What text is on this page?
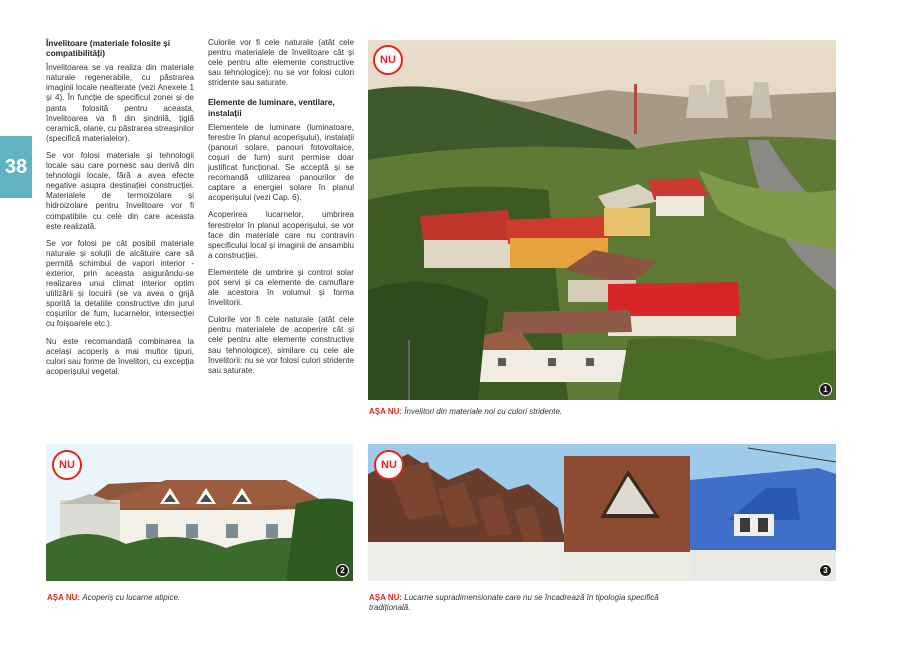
38
Învelitoare (materiale folosite și compatibilități)

Învelitoarea se va realiza din materiale naturale regenerabile, cu păstrarea imaginii locale nealterate (vezi Anexele 1 și 4). În funcție de specificul zonei și de panta folosită pentru aceasta, învelitoarea va fi din șindrilă, țiglă ceramică, olane, cu păstrarea streașinilor (specifică materialelor).

Se vor folosi materiale și tehnologii locale sau care pornesc sau derivă din tehnologii locale, fără a avea efecte negative asupra destinației construcției. Materialele de termoizolare și hidroizolare pentru învelitoare vor fi compatibile cu cele din care aceasta este realizată.

Se vor folosi pe cât posibil materiale naturale și soluții de alcătuire care să permită schimbul de vapori interior - exterior, prin aceasta asigurându-se realizarea unui climat interior optim utilizării și locuirii (se va avea o grijă sporită la detaliile constructive din jurul coșurilor de fum, lucarnelor, intersecției cu foișoarele etc.).

Nu este recomandată combinarea la același acoperiș a mai multor tipuri, culori sau forme de învelitori, cu excepția acoperișului vegetal.

Culorile vor fi cele naturale (atât cele pentru materialele de învelitoare cât și cele pentru alte elemente constructive sau tehnologice): nu se vor folosi culori stridente sau saturate.

Elemente de luminare, ventilare, instalații

Elementele de luminare (luminatoare, ferestre în planul acoperișului), instalații (panouri solare, panouri fotovoltaice, coșuri de fum) sunt permise doar justificat funcțional. Se acceptă și se recomandă utilizarea panourilor de captare a energiei solare în planul acoperișului (vezi Cap. 6).

Acoperirea lucarnelor, umbrirea ferestrelor în planul acoperișului, se vor face din materiale care nu contravin specificului local și imaginii de ansamblu a construcției.

Elementele de umbrire și control solar pot servi și ca elemente de camuflare ale acestora în volumul și forma învelitorii.

Culorile vor fi cele naturale (atât cele pentru materialele de acoperire cât și cele pentru alte elemente constructive sau tehnologice), similare cu cele ale învelitorii: nu se vor folosi culori stridente sau saturate.

NU
1
AȘA NU: Învelitori din materiale noi cu culori stridente.
NU
2
AȘA NU: Acoperiș cu lucarne atipice.
NU
3
AȘA NU: Lucarne supradimensionate care nu se încadrează în tipologia specifică tradițională.
